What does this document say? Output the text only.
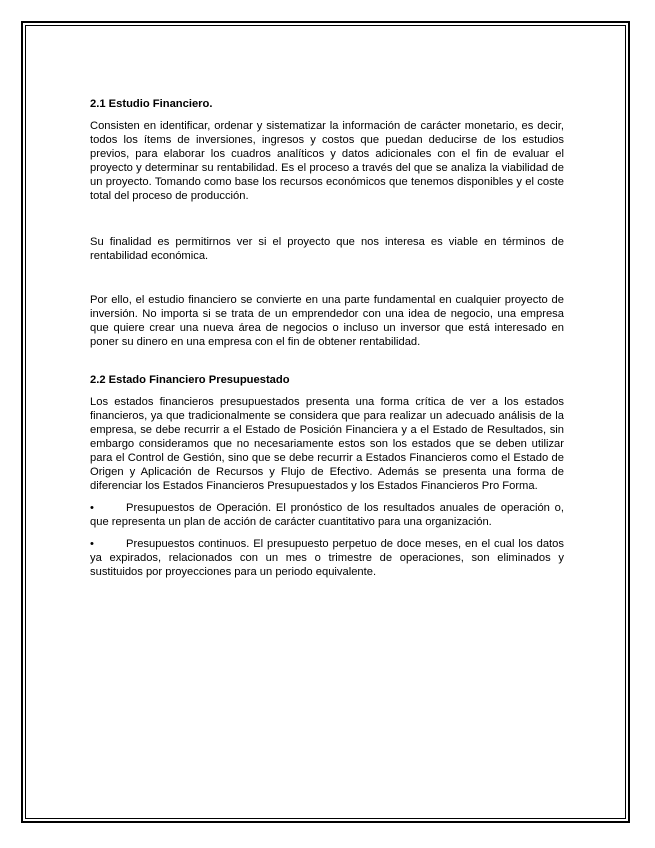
2.1 Estudio Financiero.

Consisten en identificar, ordenar y sistematizar la información de carácter monetario, es decir, todos los ítems de inversiones, ingresos y costos que puedan deducirse de los estudios previos, para elaborar los cuadros analíticos y datos adicionales con el fin de evaluar el proyecto y determinar su rentabilidad. Es el proceso a través del que se analiza la viabilidad de un proyecto. Tomando como base los recursos económicos que tenemos disponibles y el coste total del proceso de producción.

Su finalidad es permitirnos ver si el proyecto que nos interesa es viable en términos de rentabilidad económica.

Por ello, el estudio financiero se convierte en una parte fundamental en cualquier proyecto de inversión. No importa si se trata de un emprendedor con una idea de negocio, una empresa que quiere crear una nueva área de negocios o incluso un inversor que está interesado en poner su dinero en una empresa con el fin de obtener rentabilidad.

2.2 Estado Financiero Presupuestado

Los estados financieros presupuestados presenta una forma crítica de ver a los estados financieros, ya que tradicionalmente se considera que para realizar un adecuado análisis de la empresa, se debe recurrir a el Estado de Posición Financiera y a el Estado de Resultados, sin embargo consideramos que no necesariamente estos son los estados que se deben utilizar para el Control de Gestión, sino que se debe recurrir a Estados Financieros como el Estado de Origen y Aplicación de Recursos y Flujo de Efectivo. Además se presenta una forma de diferenciar los Estados Financieros Presupuestados y los Estados Financieros Pro Forma.

•	Presupuestos de Operación. El pronóstico de los resultados anuales de operación o, que representa un plan de acción de carácter cuantitativo para una organización.
•	Presupuestos continuos. El presupuesto perpetuo de doce meses, en el cual los datos ya expirados, relacionados con un mes o trimestre de operaciones, son eliminados y sustituidos por proyecciones para un periodo equivalente.
